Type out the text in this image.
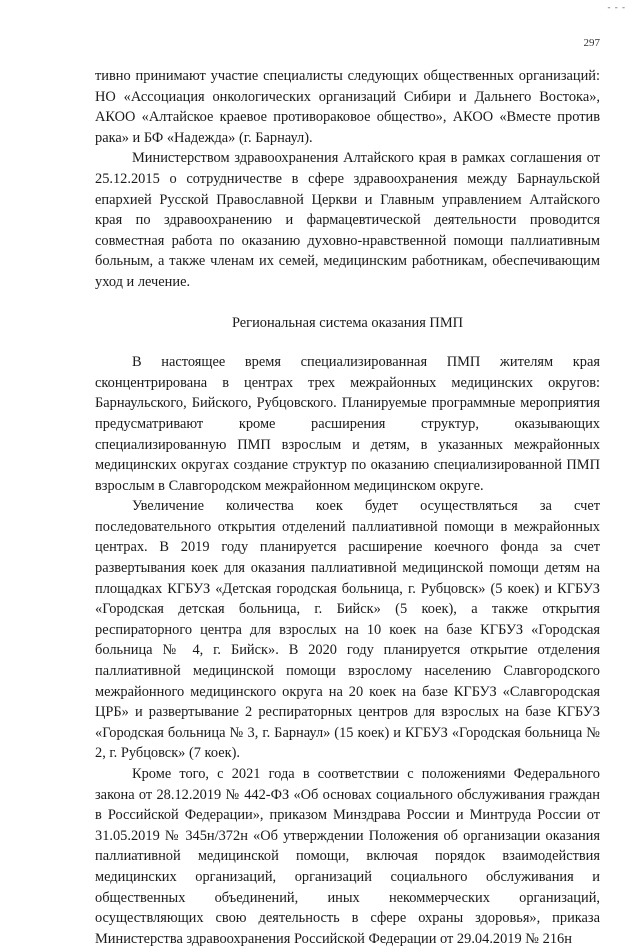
- - -
297

тивно принимают участие специалисты следующих общественных организаций: НО «Ассоциация онкологических организаций Сибири и Дальнего Востока», АКОО «Алтайское краевое противораковое общество», АКОО «Вместе против рака» и БФ «Надежда» (г. Барнаул).

Министерством здравоохранения Алтайского края в рамках соглашения от 25.12.2015 о сотрудничестве в сфере здравоохранения между Барнаульской епархией Русской Православной Церкви и Главным управлением Алтайского края по здравоохранению и фармацевтической деятельности проводится совместная работа по оказанию духовно-нравственной помощи паллиативным больным, а также членам их семей, медицинским работникам, обеспечивающим уход и лечение.

Региональная система оказания ПМП

В настоящее время специализированная ПМП жителям края сконцентрирована в центрах трех межрайонных медицинских округов: Барнаульского, Бийского, Рубцовского. Планируемые программные мероприятия предусматривают кроме расширения структур, оказывающих специализированную ПМП взрослым и детям, в указанных межрайонных медицинских округах создание структур по оказанию специализированной ПМП взрослым в Славгородском межрайонном медицинском округе.

Увеличение количества коек будет осуществляться за счет последовательного открытия отделений паллиативной помощи в межрайонных центрах. В 2019 году планируется расширение коечного фонда за счет развертывания коек для оказания паллиативной медицинской помощи детям на площадках КГБУЗ «Детская городская больница, г. Рубцовск» (5 коек) и КГБУЗ «Городская детская больница, г. Бийск» (5 коек), а также открытия респираторного центра для взрослых на 10 коек на базе КГБУЗ «Городская больница № 4, г. Бийск». В 2020 году планируется открытие отделения паллиативной медицинской помощи взрослому населению Славгородского межрайонного медицинского округа на 20 коек на базе КГБУЗ «Славгородская ЦРБ» и развертывание 2 респираторных центров для взрослых на базе КГБУЗ «Городская больница № 3, г. Барнаул» (15 коек) и КГБУЗ «Городская больница № 2, г. Рубцовск» (7 коек).

Кроме того, с 2021 года в соответствии с положениями Федерального закона от 28.12.2019 № 442-ФЗ «Об основах социального обслуживания граждан в Российской Федерации», приказом Минздрава России и Минтруда России от 31.05.2019 № 345н/372н «Об утверждении Положения об организации оказания паллиативной медицинской помощи, включая порядок взаимодействия медицинских организаций, организаций социального обслуживания и общественных объединений, иных некоммерческих организаций, осуществляющих свою деятельность в сфере охраны здоровья», приказа Министерства здравоохранения Российской Федерации от 29.04.2019 № 216н
